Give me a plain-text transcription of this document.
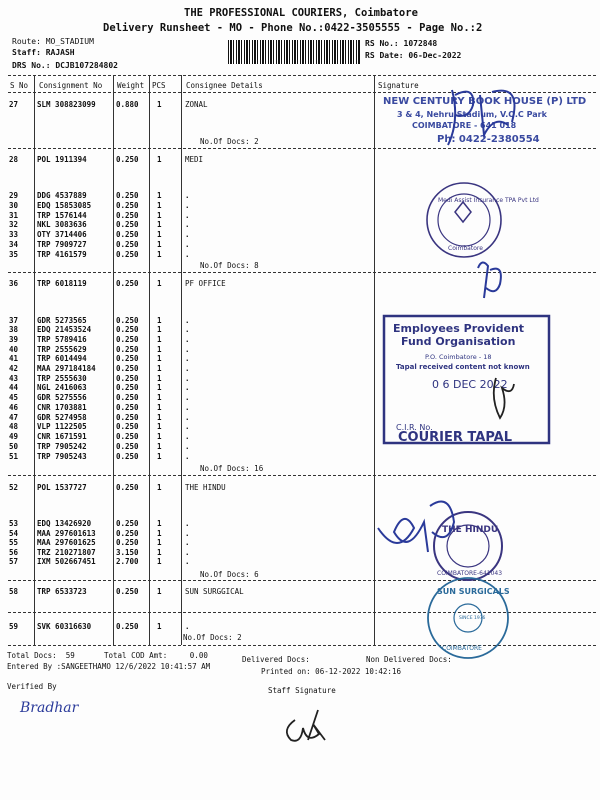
THE PROFESSIONAL COURIERS, Coimbatore
Delivery Runsheet - MO - Phone No.:0422-3505555 - Page No.:2
Route: MO_STADIUM
Staff: RAJASH
DRS No.: DCJB107284802
RS No.: 1072848
RS Date: 06-Dec-2022
S No Consignment No Weight PCS	Consignee Details	Signature
27	SLM 308823099	0.880 1	ZONAL
28	POL 1911394	0.250 1	MEDI
29	DDG 4537889	0.250 1	.
30	EDQ 15853085	0.250 1	.
31	TRP 1576144	0.250 1	.
32	NKL 3083636	0.250 1	.
33	OTY 3714406	0.250 1	.
34	TRP 7909727	0.250 1	.
35	TRP 4161579	0.250 1	.
36	TRP 6018119	0.250 1	PF OFFICE
37	GDR 5273565	0.250 1	.
38	EDQ 21453524	0.250 1	.
39	TRP 5789416	0.250 1	.
40	TRP 2555629	0.250 1	.
41	TRP 6014494	0.250 1	.
42	MAA 297184184	0.250 1	.
43	TRP 2555630	0.250 1	.
44	NGL 2416063	0.250 1	.
45	GDR 5275556	0.250 1	.
46	CNR 1703881	0.250 1	.
47	GDR 5274958	0.250 1	.
48	VLP 1122505	0.250 1	.
49	CNR 1671591	0.250 1	.
50	TRP 7905242	0.250 1	.
51	TRP 7905243	0.250 1	.
52	POL 1537727	0.250 1	THE HINDU
53	EDQ 13426920	0.250 1	.
54	MAA 297601613	0.250 1	.
55	MAA 297601625	0.250 1	.
56	TRZ 210271807	3.150 1	.
57	IXM 502667451	2.700 1	.
58	TRP 6533723	0.250 1	SUN SURGGICAL
59	SVK 60316630	0.250 1	.
No.Of Docs: 2
No.Of Docs: 8
No.Of Docs: 16
No.Of Docs: 6
No.Of Docs: 2
Total Docs:  59	Total COD Amt:     0.00	Delivered Docs:	Non Delivered Docs:
Entered By :SANGEETHAMO 12/6/2022 10:41:57 AM
Printed on: 06-12-2022 10:42:16
Verified By	Staff Signature
NEW CENTURY BOOK HOUSE (P) LTD
3 & 4, Nehru Stadium, V.O.C Park
COIMBATORE - 641 018
Ph: 0422-2380554
Medi Assist Insurance TPA Pvt Ltd
Coimbatore
Employees Provident
Fund Organisation
P.O. Coimbatore - 18
Tapal received content not known
0 6 DEC 2022
C.I.R. No.
COURIER TAPAL
THE HINDU
COIMBATORE-641043
SUN SURGICALS
SINCE 1976
COIMBATORE
Bradhar
